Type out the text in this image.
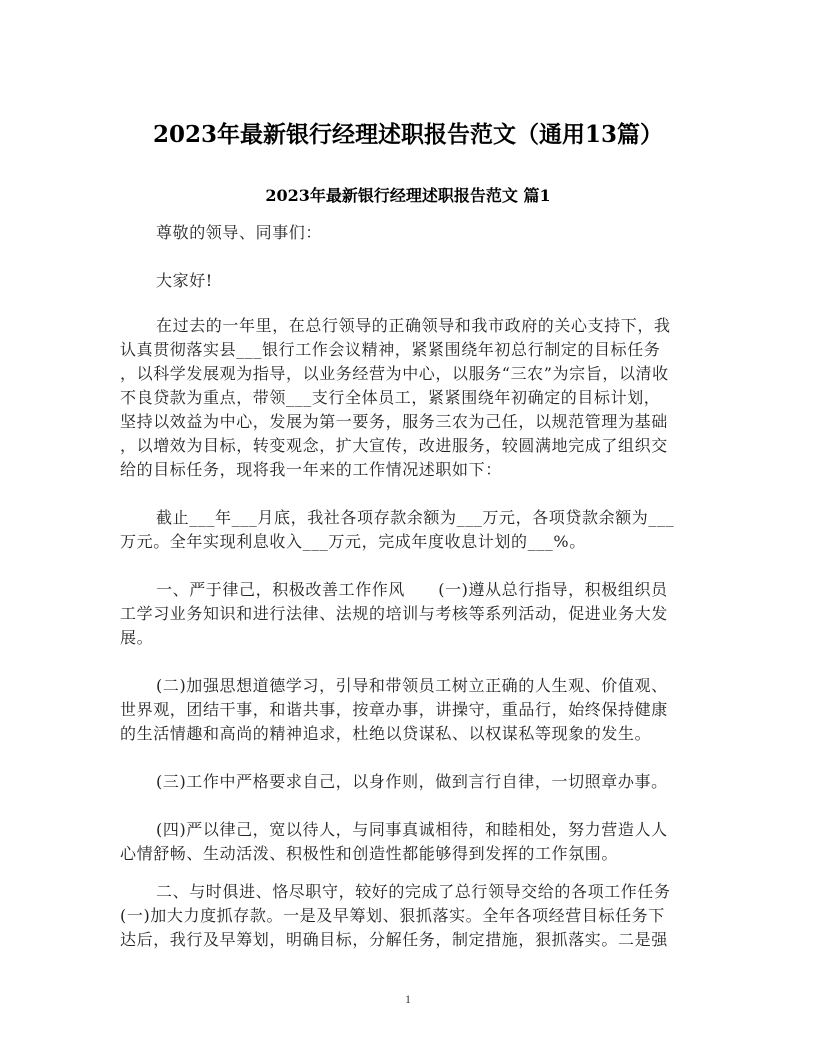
2023年最新银行经理述职报告范文（通用13篇）
2023年最新银行经理述职报告范文 篇1
尊敬的领导、同事们：
大家好!
在过去的一年里，在总行领导的正确领导和我市政府的关心支持下，我
认真贯彻落实县___银行工作会议精神，紧紧围绕年初总行制定的目标任务
，以科学发展观为指导，以业务经营为中心，以服务“三农”为宗旨，以清收
不良贷款为重点，带领___支行全体员工，紧紧围绕年初确定的目标计划，
坚持以效益为中心，发展为第一要务，服务三农为己任，以规范管理为基础
，以增效为目标，转变观念，扩大宣传，改进服务，较圆满地完成了组织交
给的目标任务，现将我一年来的工作情况述职如下：
截止___年___月底，我社各项存款余额为___万元，各项贷款余额为___
万元。全年实现利息收入___万元，完成年度收息计划的___%。
一、严于律己，积极改善工作作风　　(一)遵从总行指导，积极组织员
工学习业务知识和进行法律、法规的培训与考核等系列活动，促进业务大发
展。
(二)加强思想道德学习，引导和带领员工树立正确的人生观、价值观、
世界观，团结干事，和谐共事，按章办事，讲操守，重品行，始终保持健康
的生活情趣和高尚的精神追求，杜绝以贷谋私、以权谋私等现象的发生。
(三)工作中严格要求自己，以身作则，做到言行自律，一切照章办事。
(四)严以律己，宽以待人，与同事真诚相待，和睦相处，努力营造人人
心情舒畅、生动活泼、积极性和创造性都能够得到发挥的工作氛围。
二、与时俱进、恪尽职守，较好的完成了总行领导交给的各项工作任务
(一)加大力度抓存款。一是及早筹划、狠抓落实。全年各项经营目标任务下
达后，我行及早筹划，明确目标，分解任务，制定措施，狠抓落实。二是强
1
